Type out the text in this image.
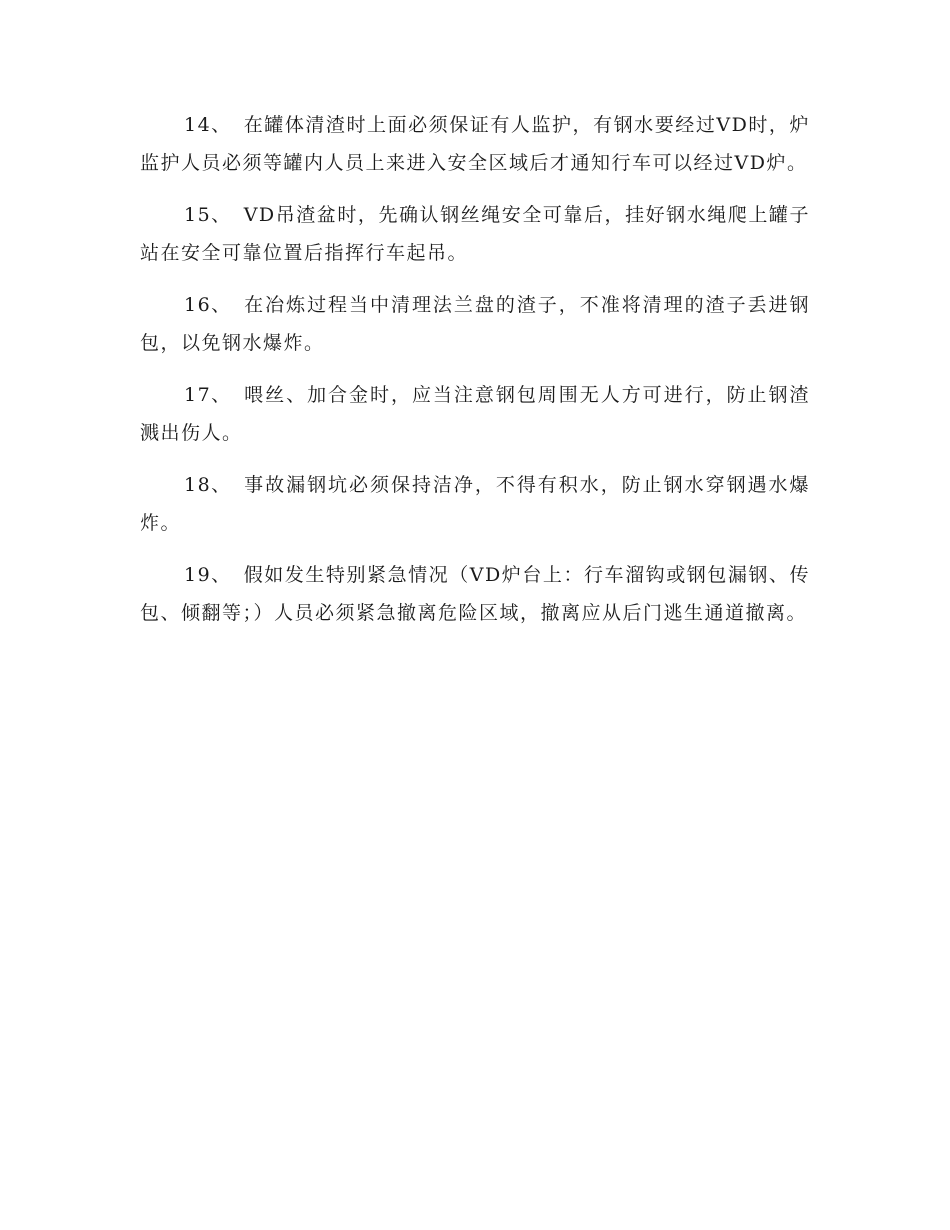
14、 在罐体清渣时上面必须保证有人监护，有钢水要经过VD时，炉监护人员必须等罐内人员上来进入安全区域后才通知行车可以经过VD炉。

15、 VD吊渣盆时，先确认钢丝绳安全可靠后，挂好钢水绳爬上罐子站在安全可靠位置后指挥行车起吊。

16、 在冶炼过程当中清理法兰盘的渣子，不准将清理的渣子丢进钢包，以免钢水爆炸。

17、 喂丝、加合金时，应当注意钢包周围无人方可进行，防止钢渣溅出伤人。

18、 事故漏钢坑必须保持洁净，不得有积水，防止钢水穿钢遇水爆炸。

19、 假如发生特别紧急情况（VD炉台上：行车溜钩或钢包漏钢、传包、倾翻等；）人员必须紧急撤离危险区域，撤离应从后门逃生通道撤离。
